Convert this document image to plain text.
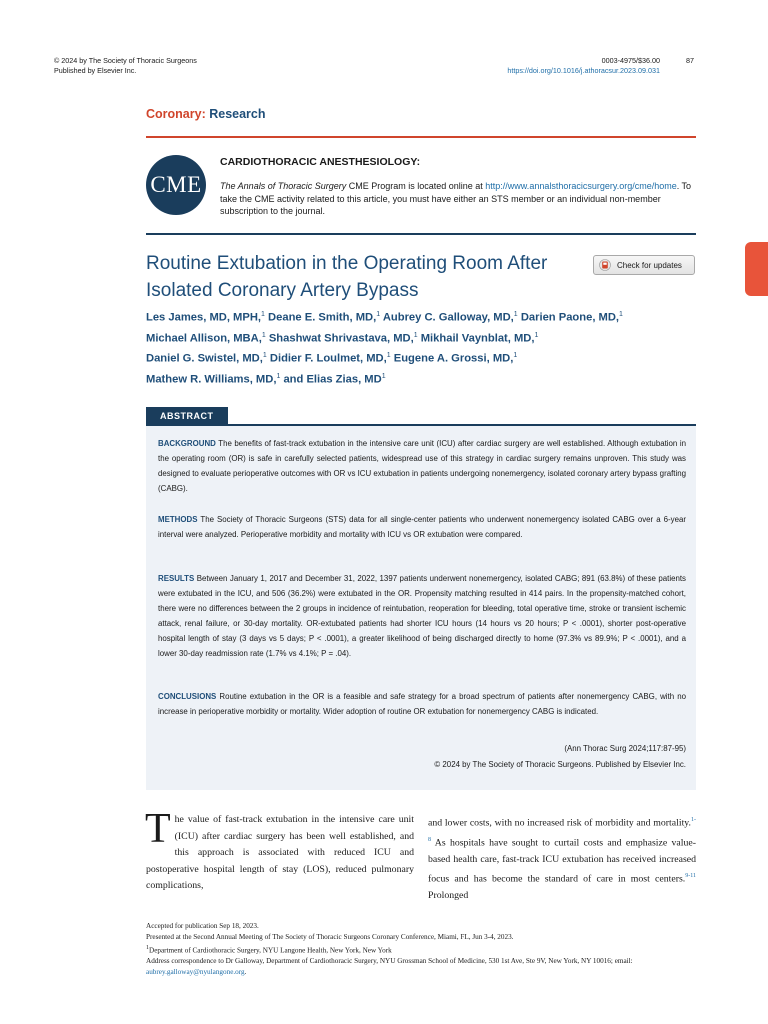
© 2024 by The Society of Thoracic Surgeons
Published by Elsevier Inc.
0003-4975/$36.00
https://doi.org/10.1016/j.athoracsur.2023.09.031
87
Coronary: Research
CME
CARDIOTHORACIC ANESTHESIOLOGY:
The Annals of Thoracic Surgery CME Program is located online at http://www.annalsthoracicsurgery.org/cme/home. To take the CME activity related to this article, you must have either an STS member or an individual non-member subscription to the journal.
Routine Extubation in the Operating Room After Isolated Coronary Artery Bypass
Check for updates
Les James, MD, MPH,$^1$ Deane E. Smith, MD,$^1$ Aubrey C. Galloway, MD,$^1$ Darien Paone, MD,$^1$
Michael Allison, MBA,$^1$ Shashwat Shrivastava, MD,$^1$ Mikhail Vaynblat, MD,$^1$
Daniel G. Swistel, MD,$^1$ Didier F. Loulmet, MD,$^1$ Eugene A. Grossi, MD,$^1$
Mathew R. Williams, MD,$^1$ and Elias Zias, $MD^1$
ABSTRACT
BACKGROUND The benefits of fast-track extubation in the intensive care unit (ICU) after cardiac surgery are well established. Although extubation in the operating room (OR) is safe in carefully selected patients, widespread use of this strategy in cardiac surgery remains unproven. This study was designed to evaluate perioperative outcomes with OR vs ICU extubation in patients undergoing nonemergency, isolated coronary artery bypass grafting (CABG).
METHODS The Society of Thoracic Surgeons (STS) data for all single-center patients who underwent nonemergency isolated CABG over a 6-year interval were analyzed. Perioperative morbidity and mortality with ICU vs OR extubation were compared.
RESULTS Between January 1, 2017 and December 31, 2022, 1397 patients underwent nonemergency, isolated CABG; 891 (63.8%) of these patients were extubated in the ICU, and 506 (36.2%) were extubated in the OR. Propensity matching resulted in 414 pairs. In the propensity-matched cohort, there were no differences between the 2 groups in incidence of reintubation, reoperation for bleeding, total operative time, stroke or transient ischemic attack, renal failure, or 30-day mortality. OR-extubated patients had shorter ICU hours (14 hours vs 20 hours; P < .0001), shorter post-operative hospital length of stay (3 days vs 5 days; P < .0001), a greater likelihood of being discharged directly to home (97.3% vs 89.9%; P < .0001), and a lower 30-day readmission rate (1.7% vs 4.1%; P = .04).
CONCLUSIONS Routine extubation in the OR is a feasible and safe strategy for a broad spectrum of patients after nonemergency CABG, with no increase in perioperative morbidity or mortality. Wider adoption of routine OR extubation for nonemergency CABG is indicated.
(Ann Thorac Surg 2024;117:87-95)
© 2024 by The Society of Thoracic Surgeons. Published by Elsevier Inc.
The value of fast-track extubation in the intensive care unit (ICU) after cardiac surgery has been well established, and this approach is associated with reduced ICU and postoperative hospital length of stay (LOS), reduced pulmonary complications,
and lower costs, with no increased risk of morbidity and mortality.$^{1-8}$ As hospitals have sought to curtail costs and emphasize value-based health care, fast-track ICU extubation has received increased focus and has become the standard of care in most centers.$^{9-11}$ Prolonged
Accepted for publication Sep 18, 2023.
Presented at the Second Annual Meeting of The Society of Thoracic Surgeons Coronary Conference, Miami, FL, Jun 3-4, 2023.
$^1$Department of Cardiothoracic Surgery, NYU Langone Health, New York, New York
Address correspondence to Dr Galloway, Department of Cardiothoracic Surgery, NYU Grossman School of Medicine, 530 1st Ave, Ste 9V, New York, NY 10016; email: aubrey.galloway@nyulangone.org.
